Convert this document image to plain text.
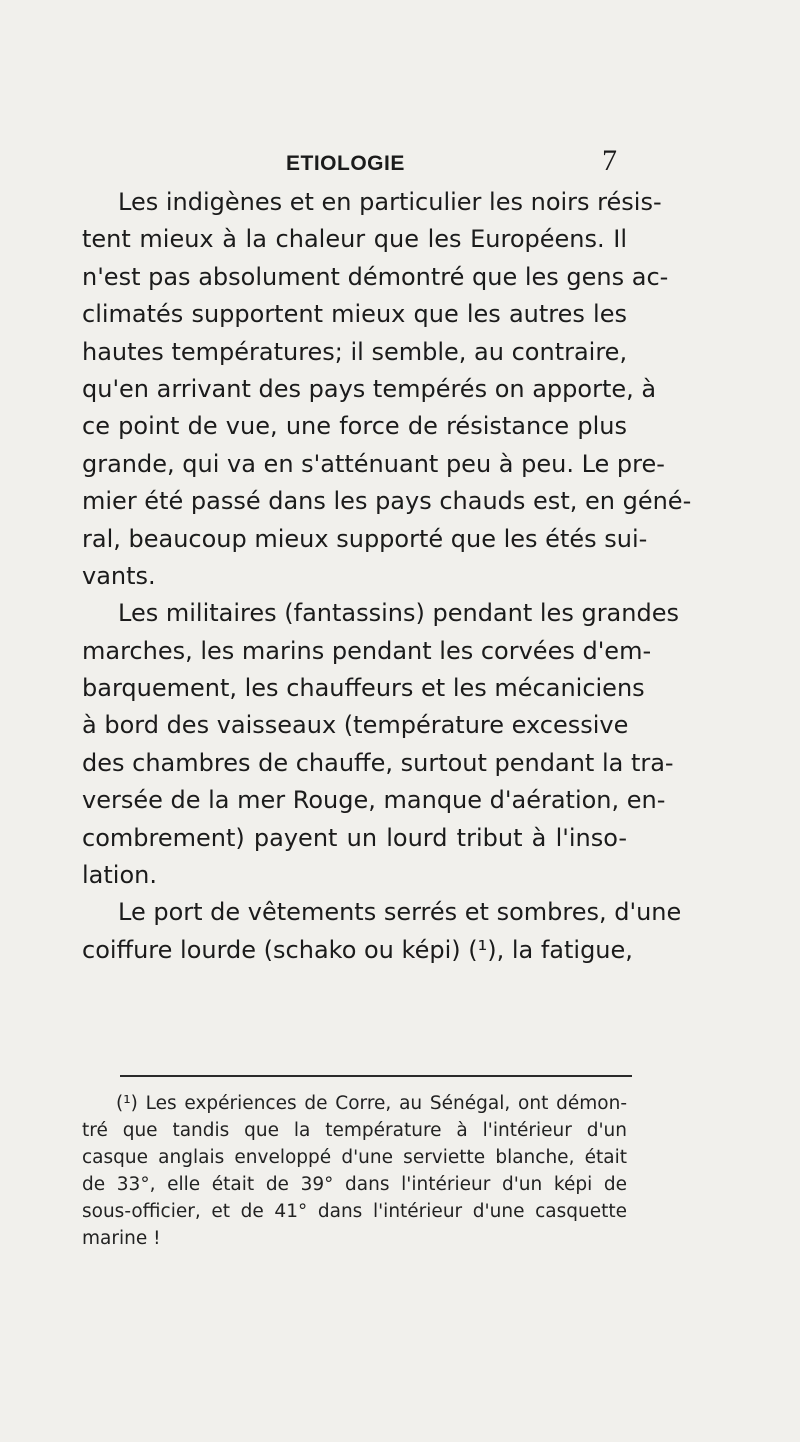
ETIOLOGIE	7
Les indigènes et en particulier les noirs résis-
tent mieux à la chaleur que les Européens. Il
n'est pas absolument démontré que les gens ac-
climatés supportent mieux que les autres les
hautes températures; il semble, au contraire,
qu'en arrivant des pays tempérés on apporte, à
ce point de vue, une force de résistance plus
grande, qui va en s'atténuant peu à peu. Le pre-
mier été passé dans les pays chauds est, en géné-
ral, beaucoup mieux supporté que les étés sui-
vants.
Les militaires (fantassins) pendant les grandes
marches, les marins pendant les corvées d'em-
barquement, les chauffeurs et les mécaniciens
à bord des vaisseaux (température excessive
des chambres de chauffe, surtout pendant la tra-
versée de la mer Rouge, manque d'aération, en-
combrement) payent un lourd tribut à l'inso-
lation.
Le port de vêtements serrés et sombres, d'une
coiffure lourde (schako ou képi) (¹), la fatigue,
(¹) Les expériences de Corre, au Sénégal, ont démon-
tré que tandis que la température à l'intérieur d'un
casque anglais enveloppé d'une serviette blanche, était
de 33°, elle était de 39° dans l'intérieur d'un képi de
sous-officier, et de 41° dans l'intérieur d'une casquette
marine !
